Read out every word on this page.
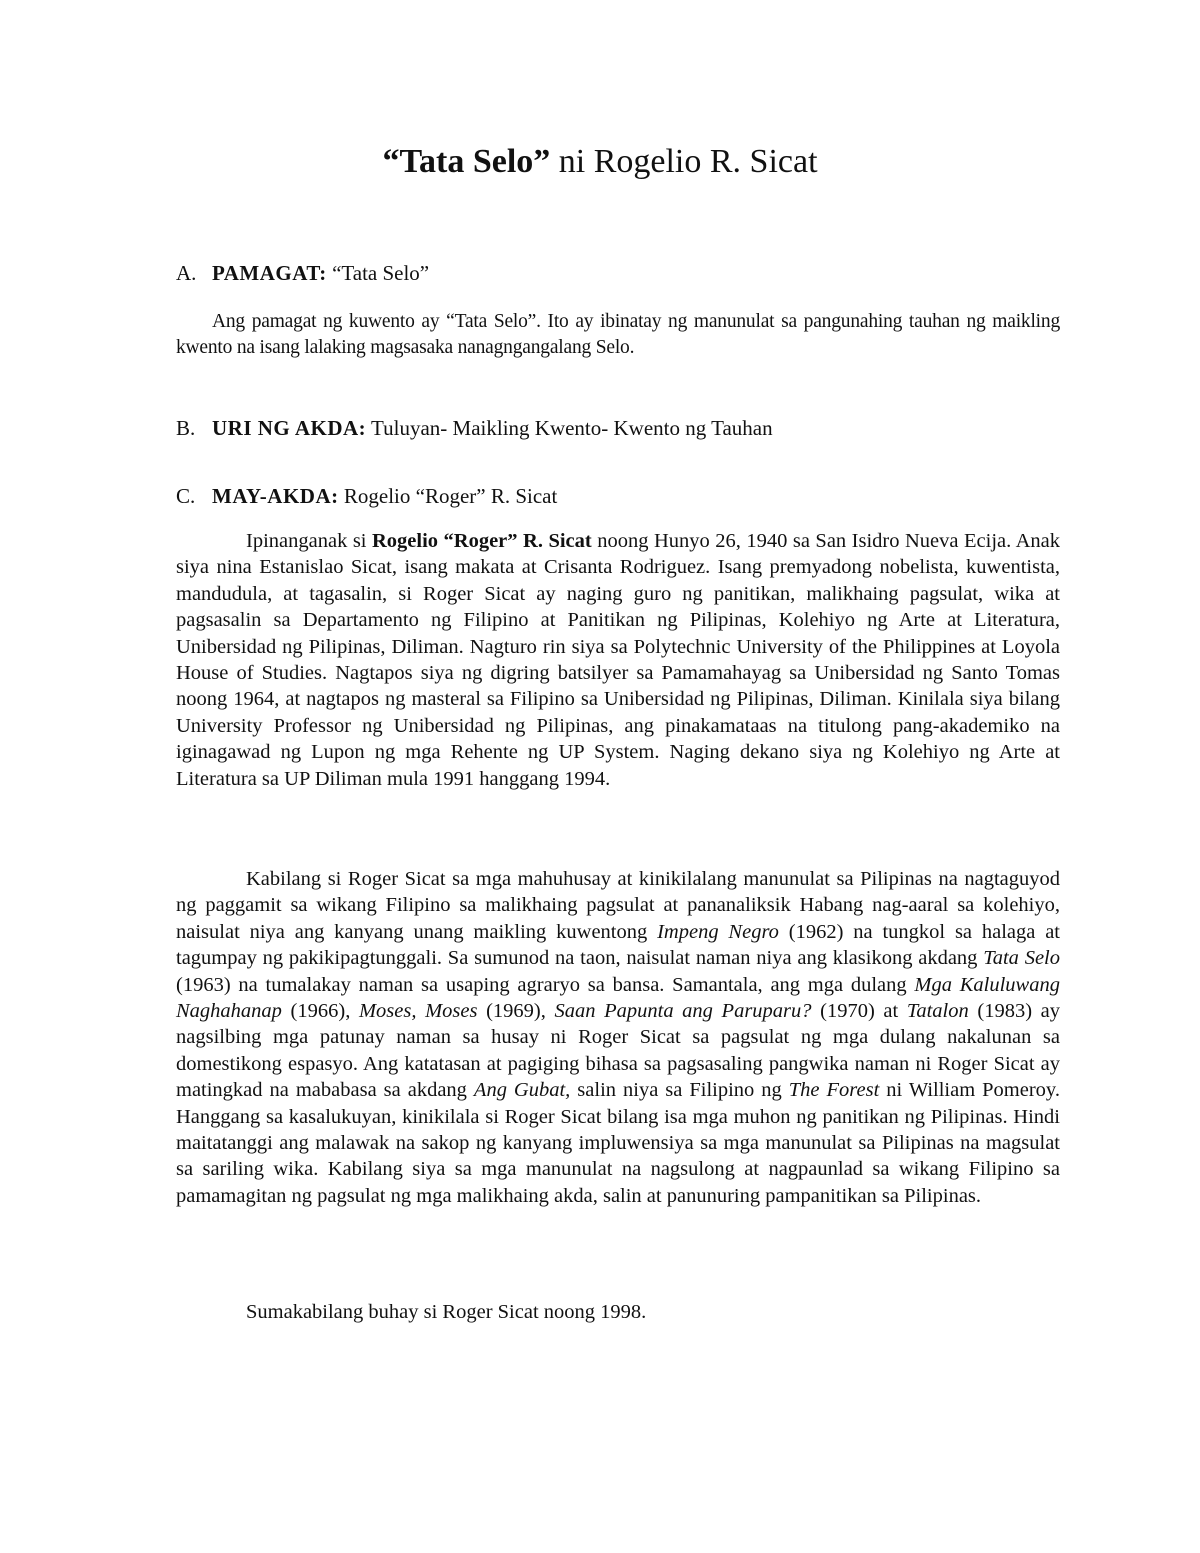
“Tata Selo” ni Rogelio R. Sicat
A. PAMAGAT: “Tata Selo”

Ang pamagat ng kuwento ay “Tata Selo”. Ito ay ibinatay ng manunulat sa pangunahing tauhan ng maikling kwento na isang lalaking magsasaka nanagngangalang Selo.

B. URI NG AKDA: Tuluyan- Maikling Kwento- Kwento ng Tauhan
C. MAY-AKDA: Rogelio “Roger” R. Sicat

Ipinanganak si Rogelio “Roger” R. Sicat noong Hunyo 26, 1940 sa San Isidro Nueva Ecija. Anak siya nina Estanislao Sicat, isang makata at Crisanta Rodriguez. Isang premyadong nobelista, kuwentista, mandudula, at tagasalin, si Roger Sicat ay naging guro ng panitikan, malikhaing pagsulat, wika at pagsasalin sa Departamento ng Filipino at Panitikan ng Pilipinas, Kolehiyo ng Arte at Literatura, Unibersidad ng Pilipinas, Diliman. Nagturo rin siya sa Polytechnic University of the Philippines at Loyola House of Studies. Nagtapos siya ng digring batsilyer sa Pamamahayag sa Unibersidad ng Santo Tomas noong 1964, at nagtapos ng masteral sa Filipino sa Unibersidad ng Pilipinas, Diliman. Kinilala siya bilang University Professor ng Unibersidad ng Pilipinas, ang pinakamataas na titulong pang-akademiko na iginagawad ng Lupon ng mga Rehente ng UP System. Naging dekano siya ng Kolehiyo ng Arte at Literatura sa UP Diliman mula 1991 hanggang 1994.

Kabilang si Roger Sicat sa mga mahuhusay at kinikilalang manunulat sa Pilipinas na nagtaguyod ng paggamit sa wikang Filipino sa malikhaing pagsulat at pananaliksik Habang nag-aaral sa kolehiyo, naisulat niya ang kanyang unang maikling kuwentong Impeng Negro (1962) na tungkol sa halaga at tagumpay ng pakikipagtunggali. Sa sumunod na taon, naisulat naman niya ang klasikong akdang Tata Selo (1963) na tumalakay naman sa usaping agraryo sa bansa. Samantala, ang mga dulang Mga Kaluluwang Naghahanap (1966), Moses, Moses (1969), Saan Papunta ang Paruparu? (1970) at Tatalon (1983) ay nagsilbing mga patunay naman sa husay ni Roger Sicat sa pagsulat ng mga dulang nakalunan sa domestikong espasyo. Ang katatasan at pagiging bihasa sa pagsasaling pangwika naman ni Roger Sicat ay matingkad na mababasa sa akdang Ang Gubat, salin niya sa Filipino ng The Forest ni William Pomeroy. Hanggang sa kasalukuyan, kinikilala si Roger Sicat bilang isa mga muhon ng panitikan ng Pilipinas. Hindi maitatanggi ang malawak na sakop ng kanyang impluwensiya sa mga manunulat sa Pilipinas na magsulat sa sariling wika. Kabilang siya sa mga manunulat na nagsulong at nagpaunlad sa wikang Filipino sa pamamagitan ng pagsulat ng mga malikhaing akda, salin at panunuring pampanitikan sa Pilipinas.

Sumakabilang buhay si Roger Sicat noong 1998.
